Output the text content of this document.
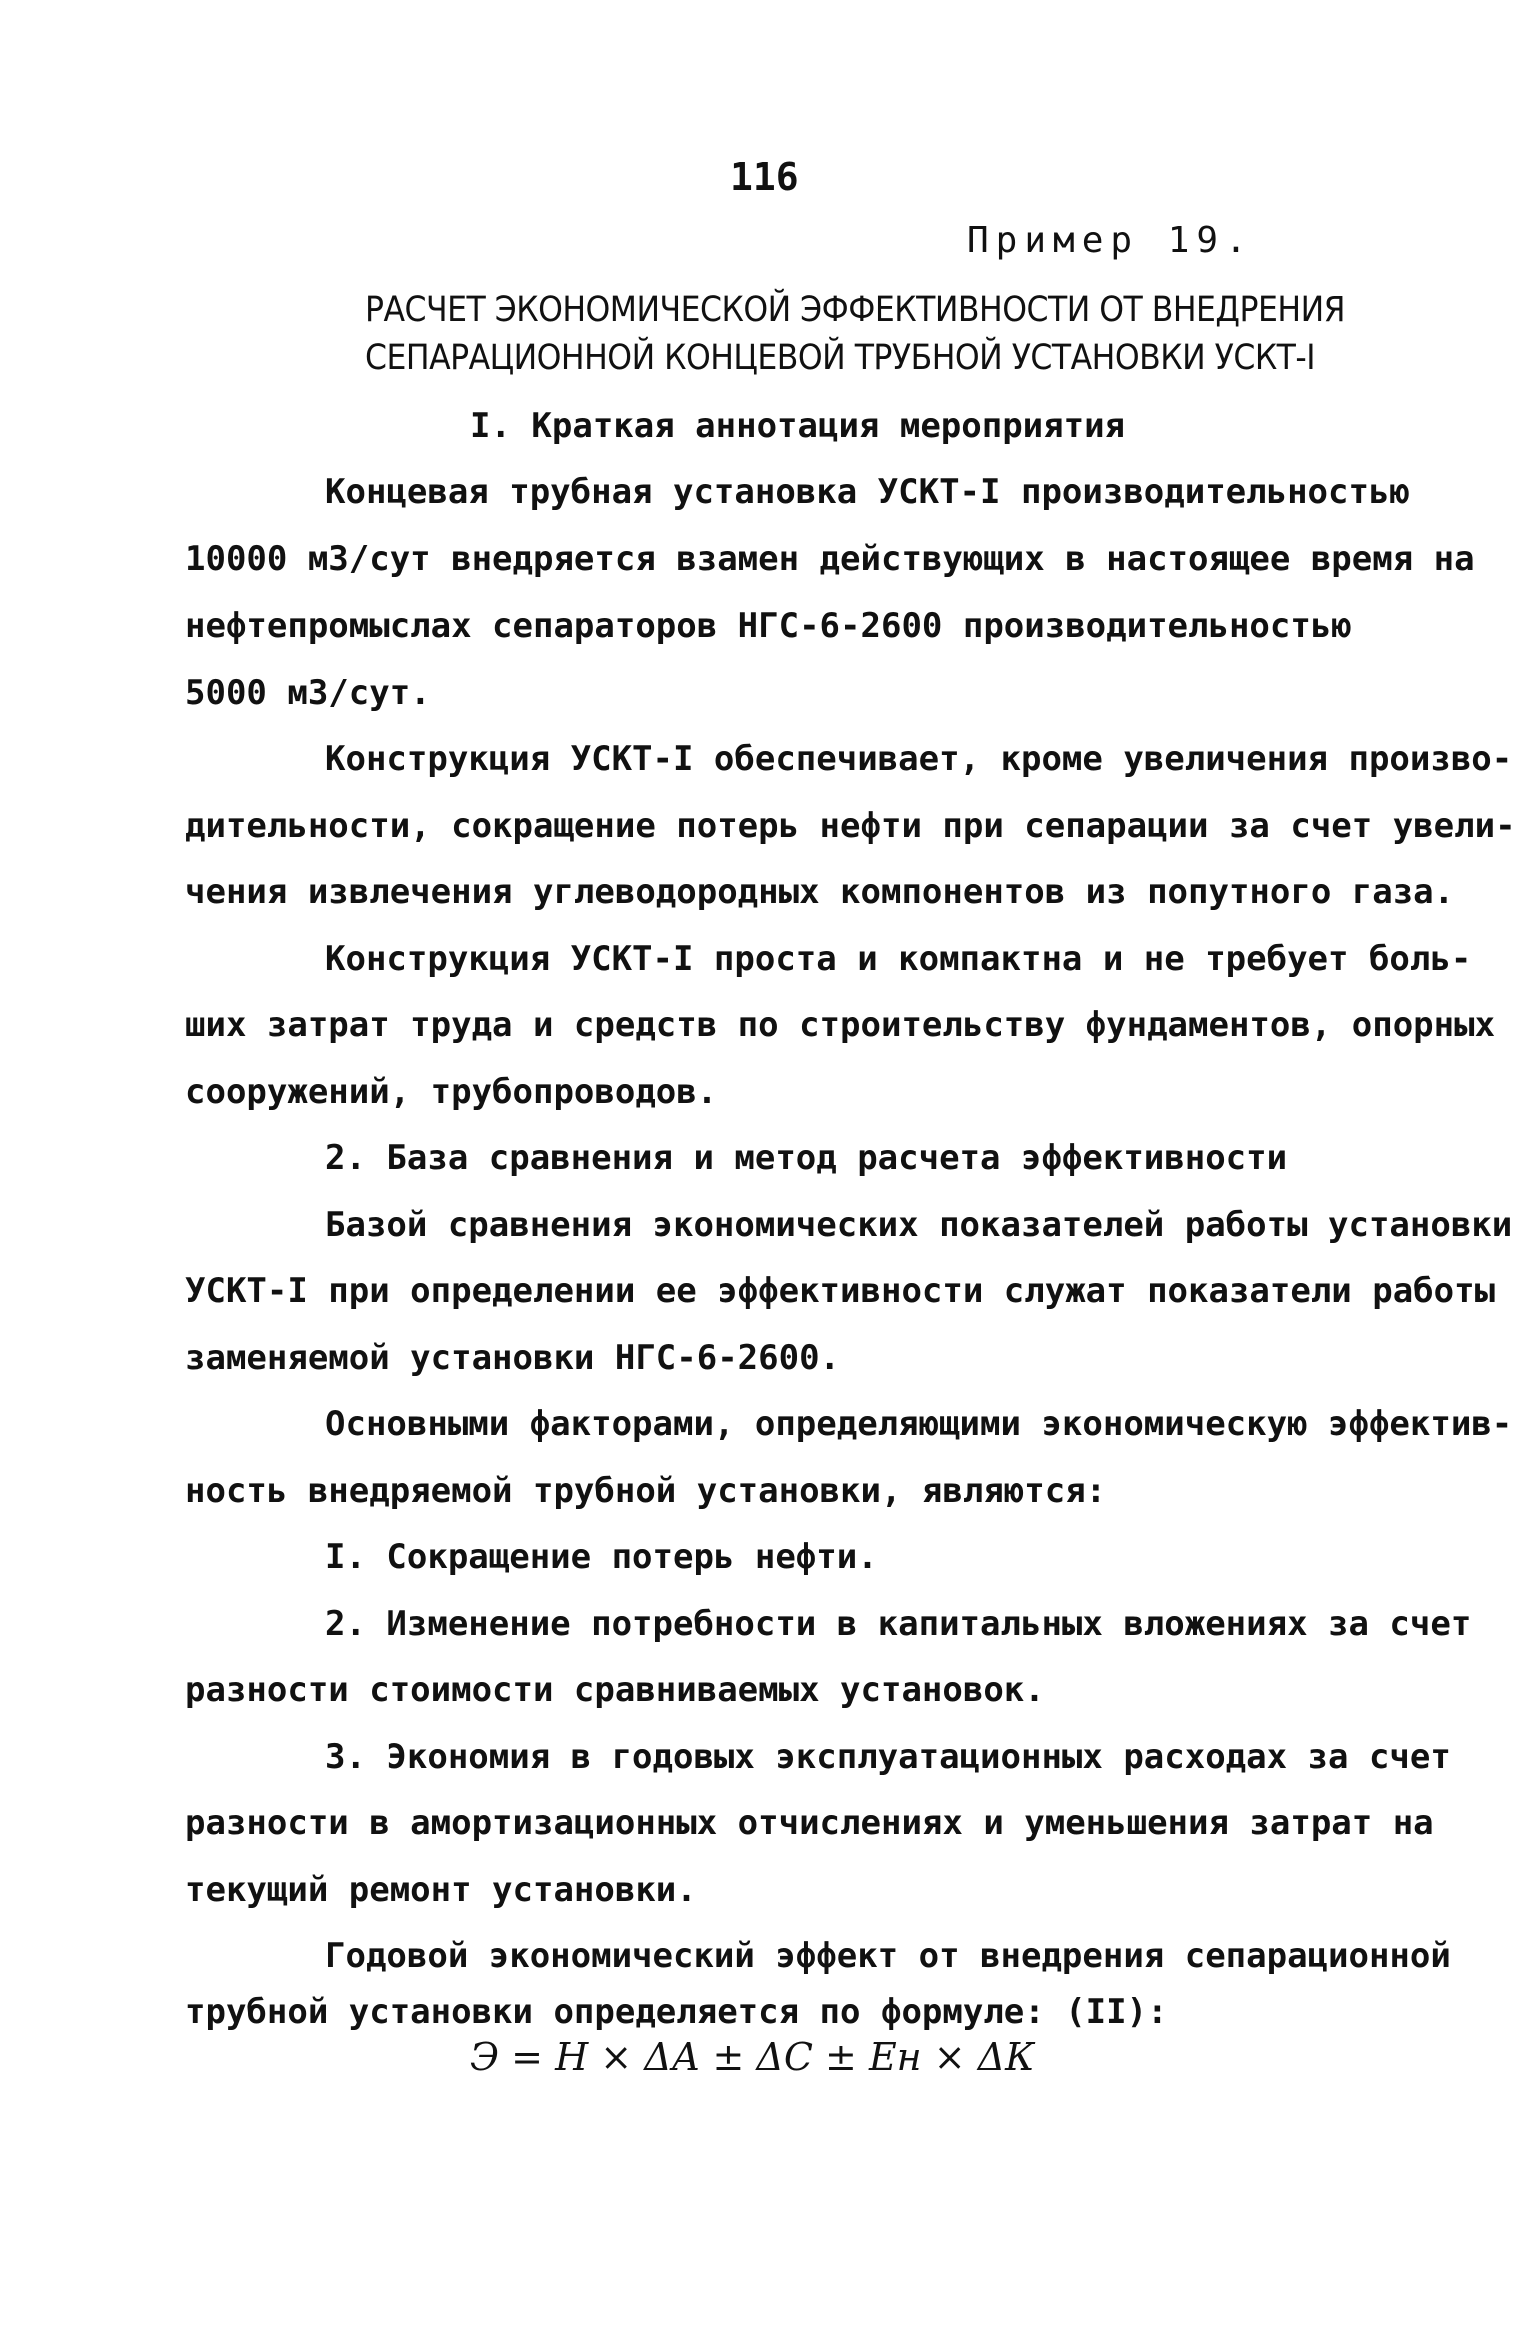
116
Пример 19.
РАСЧЕТ ЭКОНОМИЧЕСКОЙ ЭФФЕКТИВНОСТИ ОТ ВНЕДРЕНИЯ
СЕПАРАЦИОННОЙ КОНЦЕВОЙ ТРУБНОЙ УСТАНОВКИ УСКТ-I
I. Краткая аннотация мероприятия
Концевая трубная установка УСКТ-I производительностью
10000 м3/сут внедряется взамен действующих в настоящее время на
нефтепромыслах сепараторов НГС-6-2600 производительностью
5000 м3/сут.
Конструкция УСКТ-I обеспечивает, кроме увеличения произво-
дительности, сокращение потерь нефти при сепарации за счет увели-
чения извлечения углеводородных компонентов из попутного газа.
Конструкция УСКТ-I проста и компактна и не требует боль-
ших затрат труда и средств по строительству фундаментов, опорных
сооружений, трубопроводов.
2. База сравнения и метод расчета эффективности
Базой сравнения экономических показателей работы установки
УСКТ-I при определении ее эффективности служат показатели работы
заменяемой установки НГС-6-2600.
Основными факторами, определяющими экономическую эффектив-
ность внедряемой трубной установки, являются:
I. Сокращение потерь нефти.
2. Изменение потребности в капитальных вложениях за счет
разности стоимости сравниваемых установок.
3. Экономия в годовых эксплуатационных расходах за счет
разности в амортизационных отчислениях и уменьшения затрат на
текущий ремонт установки.
Годовой экономический эффект от внедрения сепарационной
трубной установки определяется по формуле: (II):
Э = Н × ΔА ± ΔС ± Ен × ΔК
